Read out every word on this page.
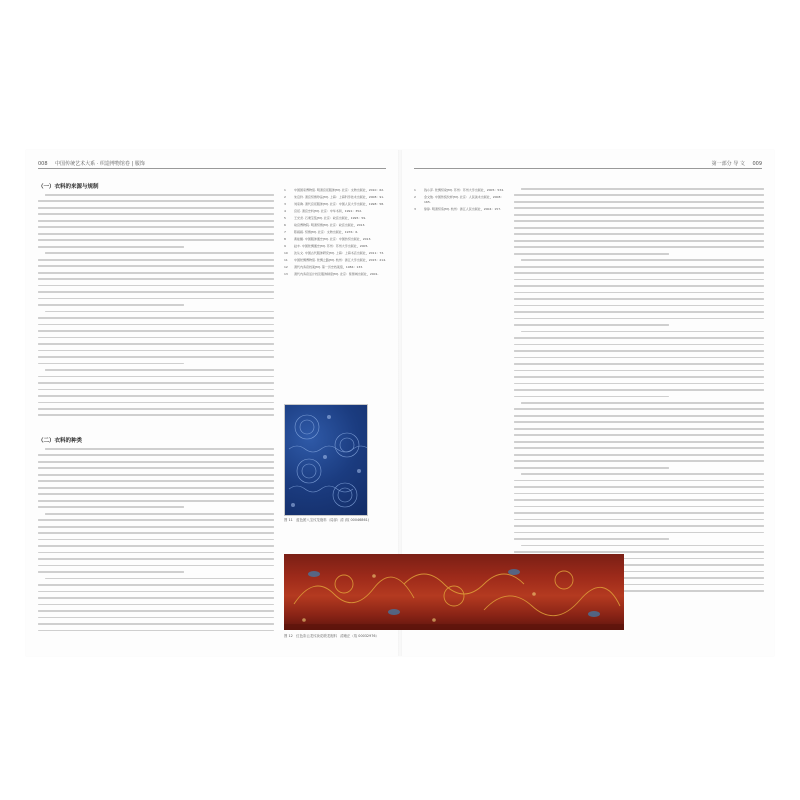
008 中国传统艺术大系 · 织造博物馆卷 | 服饰
（一）衣料的来源与规制
（二）衣料的种类
1	中国国家博物馆. 明清宫廷服饰[M]. 北京：文物出版社，2010：62.
2	朱启钤. 清宫织绣珍品[M]. 上海：上海科学技术出版社，2008：91.
3	刘家驹. 清代宫廷服饰[M]. 北京：中国人民大学出版社，1998：58.
4	宫廷. 清宫史料[M]. 北京：中华书局，1991：352.
5	王光尧. 石渠宝笈[M]. 北京：故宫出版社，1995：59.
6	故宫博物院. 明清织绣[M]. 北京：故宫出版社，2013.
7	陈娟娟. 织绣[M]. 北京：文物出版社，1976：6.
8	黄能馥. 中国服饰通史[M]. 北京：中国纺织出版社，2013.
9	赵丰. 中国丝绸通史[M]. 苏州：苏州大学出版社，2005.
10	沈从文. 中国古代服饰研究[M]. 上海：上海书店出版社，2011：73.
11	中国丝绸博物馆. 丝绸之路[M]. 杭州：浙江大学出版社，2015：214.
12	清代内务府档案[M]. 第一历史档案馆，1984：133.
13	清代内务府活计档及服饰制度[M]. 北京：紫禁城出版社，2001.
第一部分 导 文 009
1	钱小萍. 丝绸织染[M]. 苏州：苏州大学出版社，2005：534.
2	金文俊. 中国传统纹样[M]. 北京：人民美术出版社，2008：165.
3	徐铮. 明清织造[M]. 杭州：浙江人民出版社，2004：157.
图 11　蓝色团八宝纹龙袍料（局部）清 (故 00046861)
图 12　红色彩云龙纹妆花缎龙袍料　清雍正（故 00032976）
